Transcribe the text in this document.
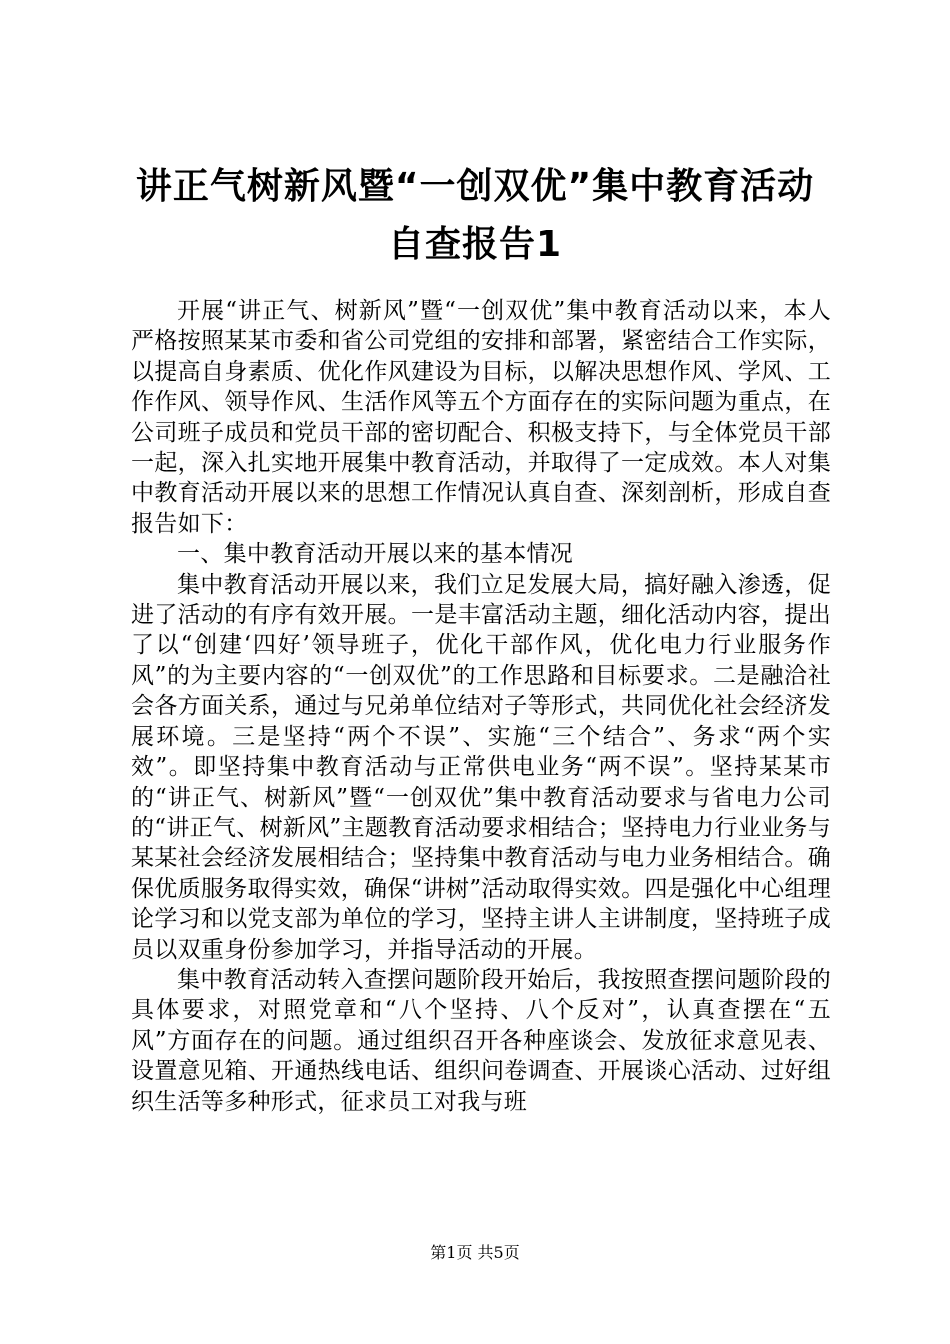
讲正气树新风暨“一创双优”集中教育活动自查报告1

开展“讲正气、树新风”暨“一创双优”集中教育活动以来，本人严格按照某某市委和省公司党组的安排和部署，紧密结合工作实际，以提高自身素质、优化作风建设为目标，以解决思想作风、学风、工作作风、领导作风、生活作风等五个方面存在的实际问题为重点，在公司班子成员和党员干部的密切配合、积极支持下，与全体党员干部一起，深入扎实地开展集中教育活动，并取得了一定成效。本人对集中教育活动开展以来的思想工作情况认真自查、深刻剖析，形成自查报告如下：

一、集中教育活动开展以来的基本情况

集中教育活动开展以来，我们立足发展大局，搞好融入渗透，促进了活动的有序有效开展。一是丰富活动主题，细化活动内容，提出了以“创建‘四好’领导班子，优化干部作风，优化电力行业服务作风”的为主要内容的“一创双优”的工作思路和目标要求。二是融洽社会各方面关系，通过与兄弟单位结对子等形式，共同优化社会经济发展环境。三是坚持“两个不误”、实施“三个结合”、务求“两个实效”。即坚持集中教育活动与正常供电业务“两不误”。坚持某某市的“讲正气、树新风”暨“一创双优”集中教育活动要求与省电力公司的“讲正气、树新风”主题教育活动要求相结合；坚持电力行业业务与某某社会经济发展相结合；坚持集中教育活动与电力业务相结合。确保优质服务取得实效，确保“讲树”活动取得实效。四是强化中心组理论学习和以党支部为单位的学习，坚持主讲人主讲制度，坚持班子成员以双重身份参加学习，并指导活动的开展。

集中教育活动转入查摆问题阶段开始后，我按照查摆问题阶段的具体要求，对照党章和“八个坚持、八个反对”，认真查摆在“五风”方面存在的问题。通过组织召开各种座谈会、发放征求意见表、设置意见箱、开通热线电话、组织问卷调查、开展谈心活动、过好组织生活等多种形式，征求员工对我与班

第1页 共5页
